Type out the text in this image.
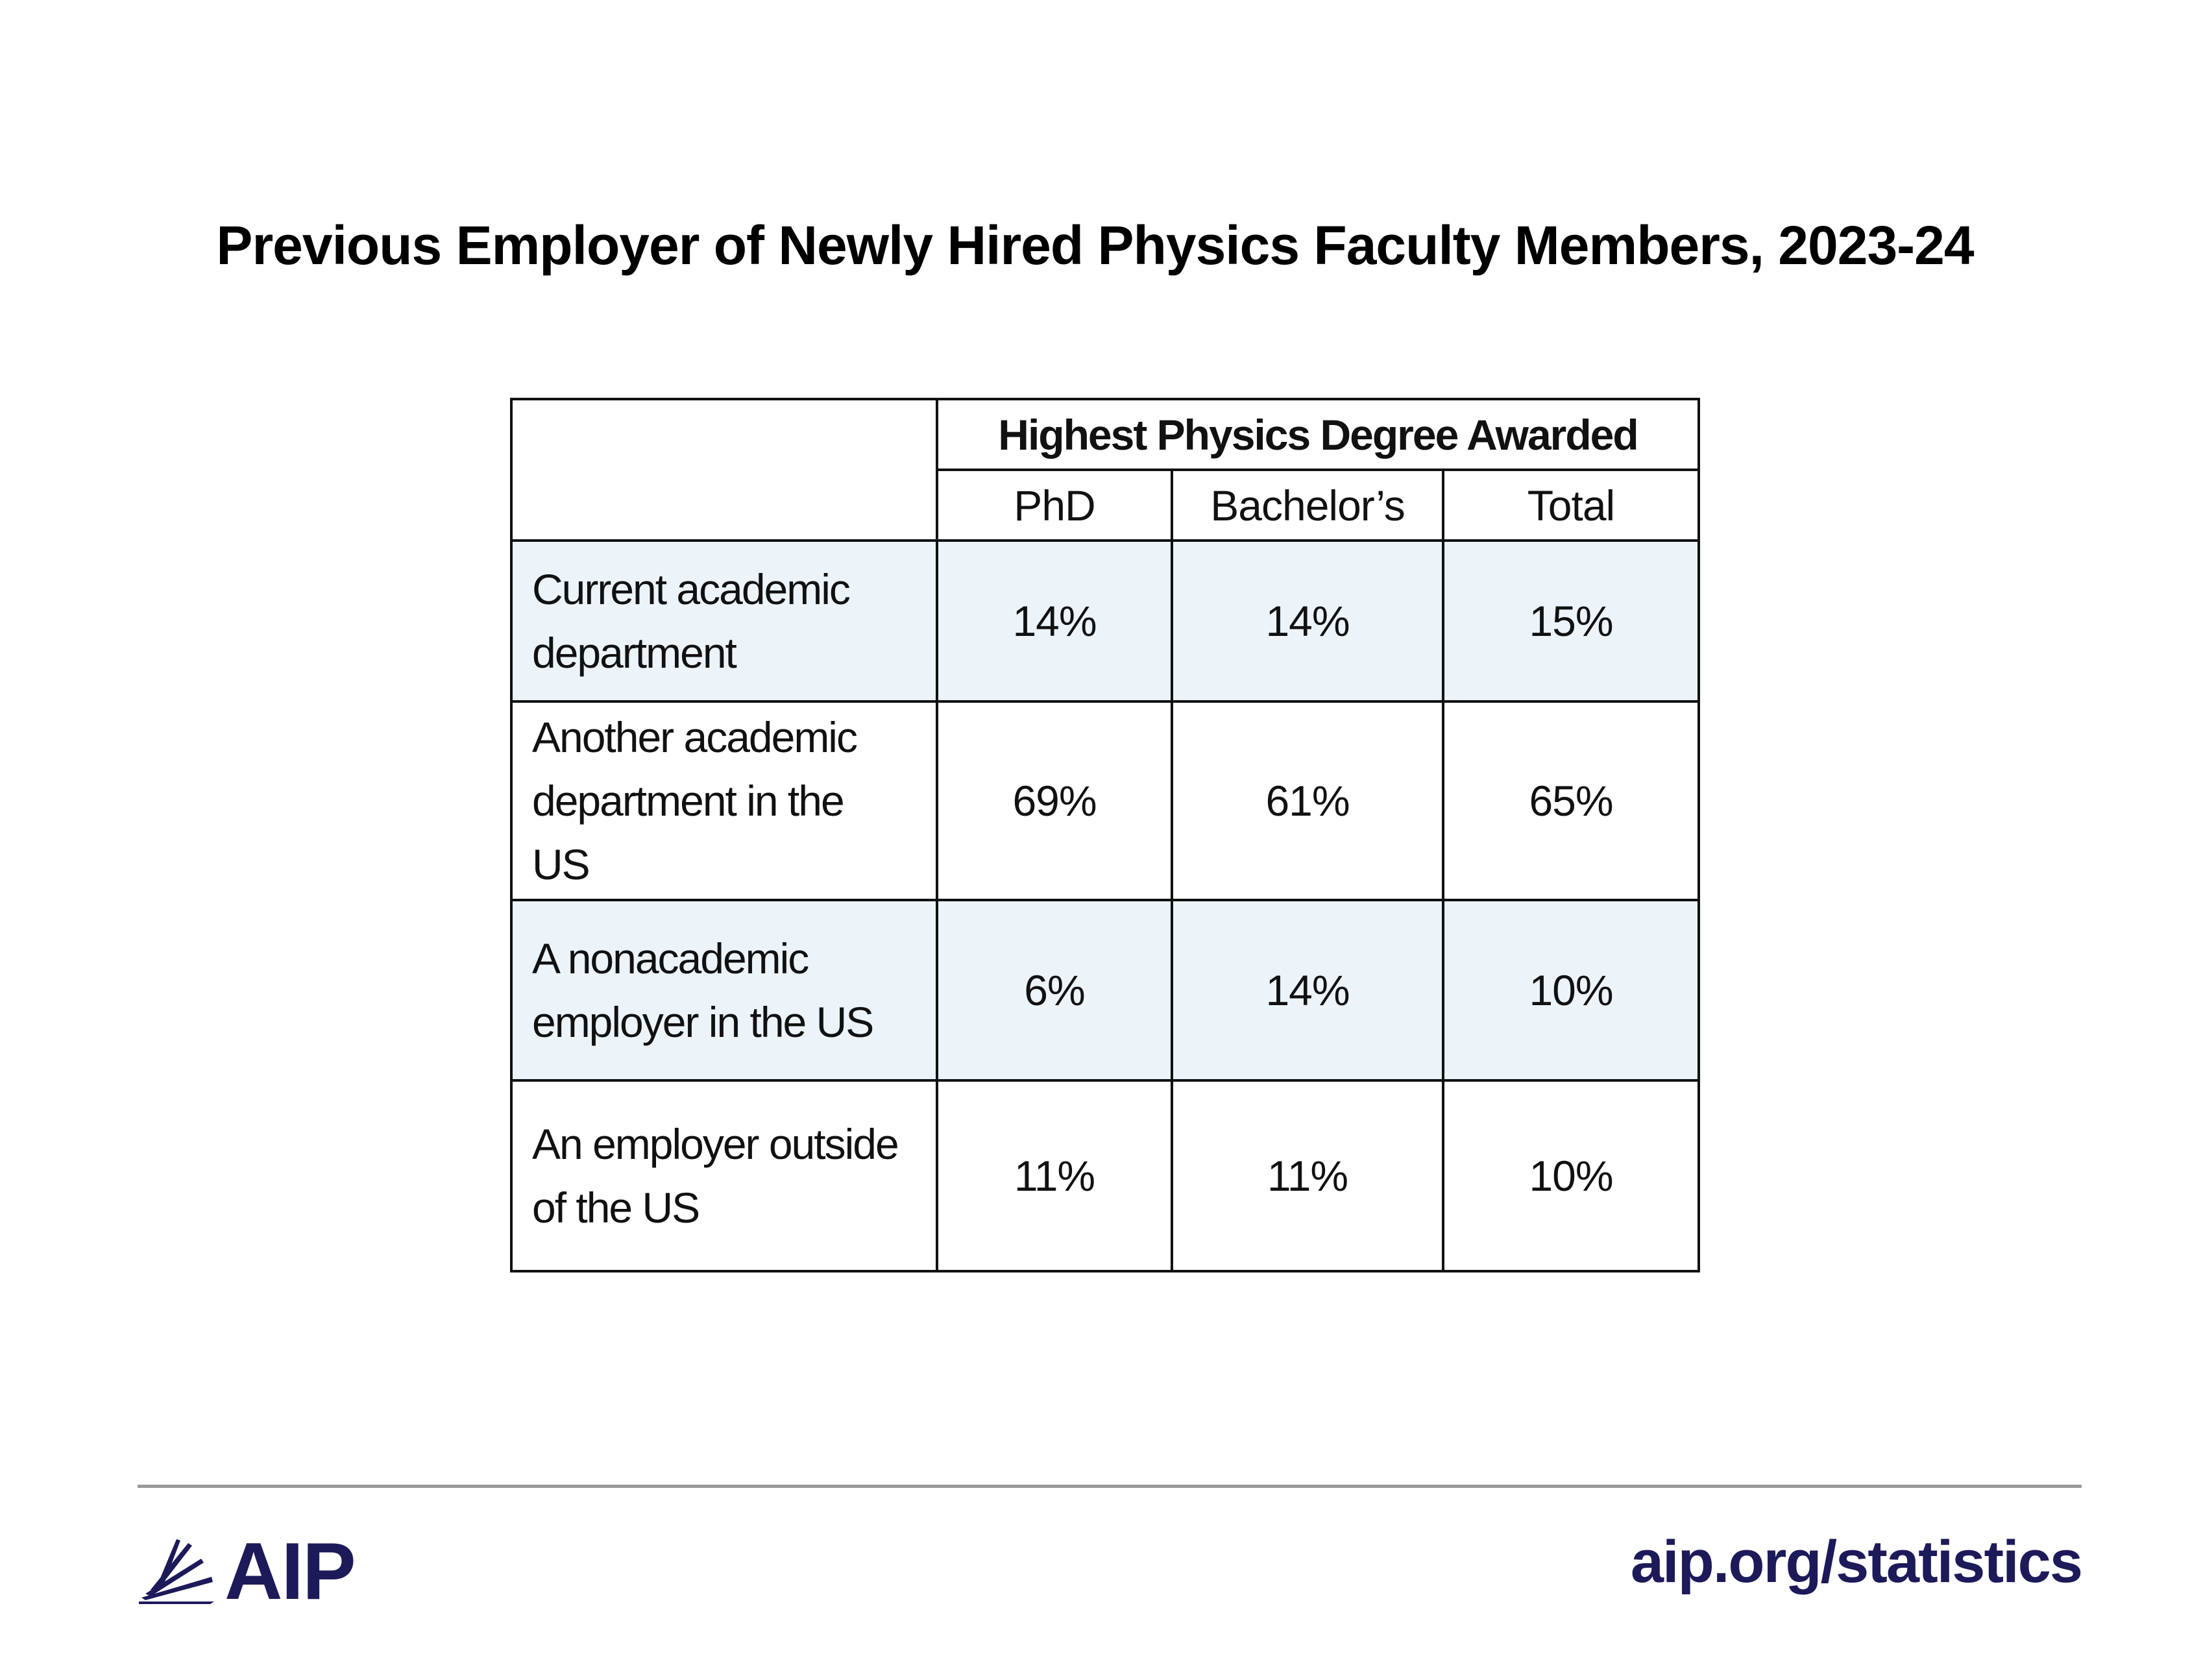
Previous Employer of Newly Hired Physics Faculty Members, 2023-24
	Highest Physics Degree Awarded		
	PhD	Bachelor’s	Total
Current academic
department	14%	14%	15%
Another academic
department in the
US	69%	61%	65%
A nonacademic
employer in the US	6%	14%	10%
An employer outside
of the US	11%	11%	10%
AIP	aip.org/statistics
